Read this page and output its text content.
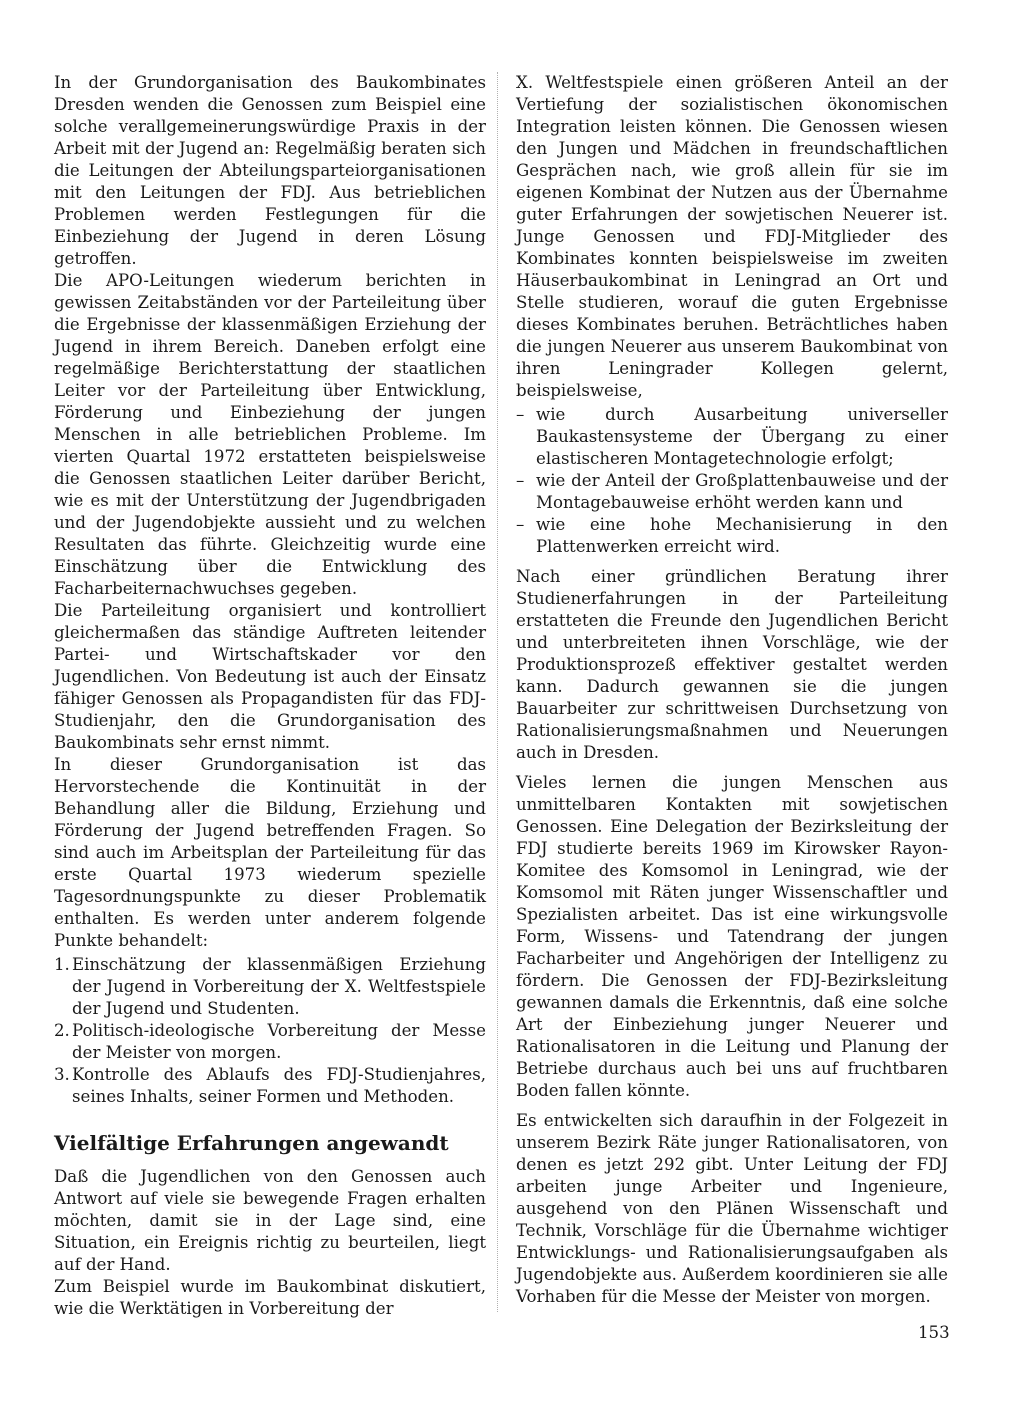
In der Grundorganisation des Baukombinates Dresden wenden die Genossen zum Beispiel eine solche verallgemeinerungswürdige Praxis in der Arbeit mit der Jugend an: Regelmäßig beraten sich die Leitungen der Abteilungsparteiorganisationen mit den Leitungen der FDJ. Aus betrieblichen Problemen werden Festlegungen für die Einbeziehung der Jugend in deren Lösung getroffen.

Die APO-Leitungen wiederum berichten in gewissen Zeitabständen vor der Parteileitung über die Ergebnisse der klassenmäßigen Erziehung der Jugend in ihrem Bereich. Daneben erfolgt eine regelmäßige Berichterstattung der staatlichen Leiter vor der Parteileitung über Entwicklung, Förderung und Einbeziehung der jungen Menschen in alle betrieblichen Probleme. Im vierten Quartal 1972 erstatteten beispielsweise die Genossen staatlichen Leiter darüber Bericht, wie es mit der Unterstützung der Jugendbrigaden und der Jugendobjekte aussieht und zu welchen Resultaten das führte. Gleichzeitig wurde eine Einschätzung über die Entwicklung des Facharbeiternachwuchses gegeben.

Die Parteileitung organisiert und kontrolliert gleichermaßen das ständige Auftreten leitender Partei- und Wirtschaftskader vor den Jugendlichen. Von Bedeutung ist auch der Einsatz fähiger Genossen als Propagandisten für das FDJ-Studienjahr, den die Grundorganisation des Baukombinats sehr ernst nimmt.

In dieser Grundorganisation ist das Hervorstechende die Kontinuität in der Behandlung aller die Bildung, Erziehung und Förderung der Jugend betreffenden Fragen. So sind auch im Arbeitsplan der Parteileitung für das erste Quartal 1973 wiederum spezielle Tagesordnungspunkte zu dieser Problematik enthalten. Es werden unter anderem folgende Punkte behandelt:

1. Einschätzung der klassenmäßigen Erziehung der Jugend in Vorbereitung der X. Weltfestspiele der Jugend und Studenten.
2. Politisch-ideologische Vorbereitung der Messe der Meister von morgen.
3. Kontrolle des Ablaufs des FDJ-Studienjahres, seines Inhalts, seiner Formen und Methoden.
Vielfältige Erfahrungen angewandt

Daß die Jugendlichen von den Genossen auch Antwort auf viele sie bewegende Fragen erhalten möchten, damit sie in der Lage sind, eine Situation, ein Ereignis richtig zu beurteilen, liegt auf der Hand.

Zum Beispiel wurde im Baukombinat diskutiert, wie die Werktätigen in Vorbereitung der

X. Weltfestspiele einen größeren Anteil an der Vertiefung der sozialistischen ökonomischen Integration leisten können. Die Genossen wiesen den Jungen und Mädchen in freundschaftlichen Gesprächen nach, wie groß allein für sie im eigenen Kombinat der Nutzen aus der Übernahme guter Erfahrungen der sowjetischen Neuerer ist. Junge Genossen und FDJ-Mitglieder des Kombinates konnten beispielsweise im zweiten Häuserbaukombinat in Leningrad an Ort und Stelle studieren, worauf die guten Ergebnisse dieses Kombinates beruhen. Beträchtliches haben die jungen Neuerer aus unserem Baukombinat von ihren Leningrader Kollegen gelernt, beispielsweise,

– wie durch Ausarbeitung universeller Baukastensysteme der Übergang zu einer elastischeren Montagetechnologie erfolgt;
– wie der Anteil der Großplattenbauweise und der Montagebauweise erhöht werden kann und
– wie eine hohe Mechanisierung in den Plattenwerken erreicht wird.

Nach einer gründlichen Beratung ihrer Studienerfahrungen in der Parteileitung erstatteten die Freunde den Jugendlichen Bericht und unterbreiteten ihnen Vorschläge, wie der Produktionsprozeß effektiver gestaltet werden kann. Dadurch gewannen sie die jungen Bauarbeiter zur schrittweisen Durchsetzung von Rationalisierungsmaßnahmen und Neuerungen auch in Dresden.

Vieles lernen die jungen Menschen aus unmittelbaren Kontakten mit sowjetischen Genossen. Eine Delegation der Bezirksleitung der FDJ studierte bereits 1969 im Kirowsker Rayon-Komitee des Komsomol in Leningrad, wie der Komsomol mit Räten junger Wissenschaftler und Spezialisten arbeitet. Das ist eine wirkungsvolle Form, Wissens- und Tatendrang der jungen Facharbeiter und Angehörigen der Intelligenz zu fördern. Die Genossen der FDJ-Bezirksleitung gewannen damals die Erkenntnis, daß eine solche Art der Einbeziehung junger Neuerer und Rationalisatoren in die Leitung und Planung der Betriebe durchaus auch bei uns auf fruchtbaren Boden fallen könnte.

Es entwickelten sich daraufhin in der Folgezeit in unserem Bezirk Räte junger Rationalisatoren, von denen es jetzt 292 gibt. Unter Leitung der FDJ arbeiten junge Arbeiter und Ingenieure, ausgehend von den Plänen Wissenschaft und Technik, Vorschläge für die Übernahme wichtiger Entwicklungs- und Rationalisierungsaufgaben als Jugendobjekte aus. Außerdem koordinieren sie alle Vorhaben für die Messe der Meister von morgen.

153
